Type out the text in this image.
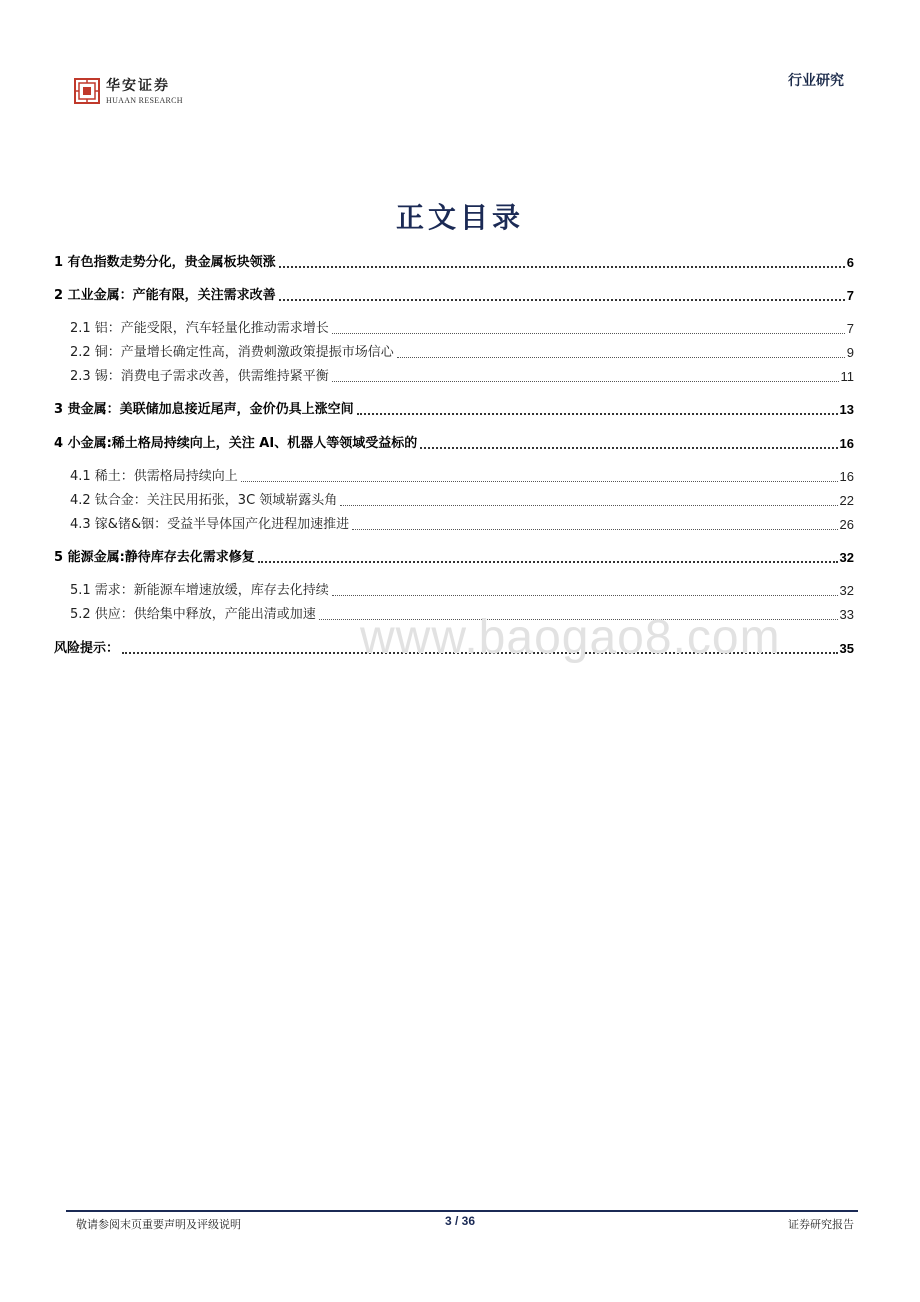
华安证券
HUAAN RESEARCH
行业研究
正文目录
1 有色指数走势分化，贵金属板块领涨	6
2 工业金属：产能有限，关注需求改善	7
2.1 铝：产能受限，汽车轻量化推动需求增长	7
2.2 铜：产量增长确定性高，消费刺激政策提振市场信心	9
2.3 锡：消费电子需求改善，供需维持紧平衡	11
3 贵金属：美联储加息接近尾声，金价仍具上涨空间	13
4 小金属:稀土格局持续向上，关注 AI、机器人等领域受益标的	16
4.1 稀土：供需格局持续向上	16
4.2 钛合金：关注民用拓张，3C 领域崭露头角	22
4.3 镓&锗&铟：受益半导体国产化进程加速推进	26
5 能源金属:静待库存去化需求修复	32
5.1 需求：新能源车增速放缓，库存去化持续	32
5.2 供应：供给集中释放，产能出清或加速	33
风险提示：	35
www.baogao8.com
敬请参阅末页重要声明及评级说明	3 / 36	证券研究报告
